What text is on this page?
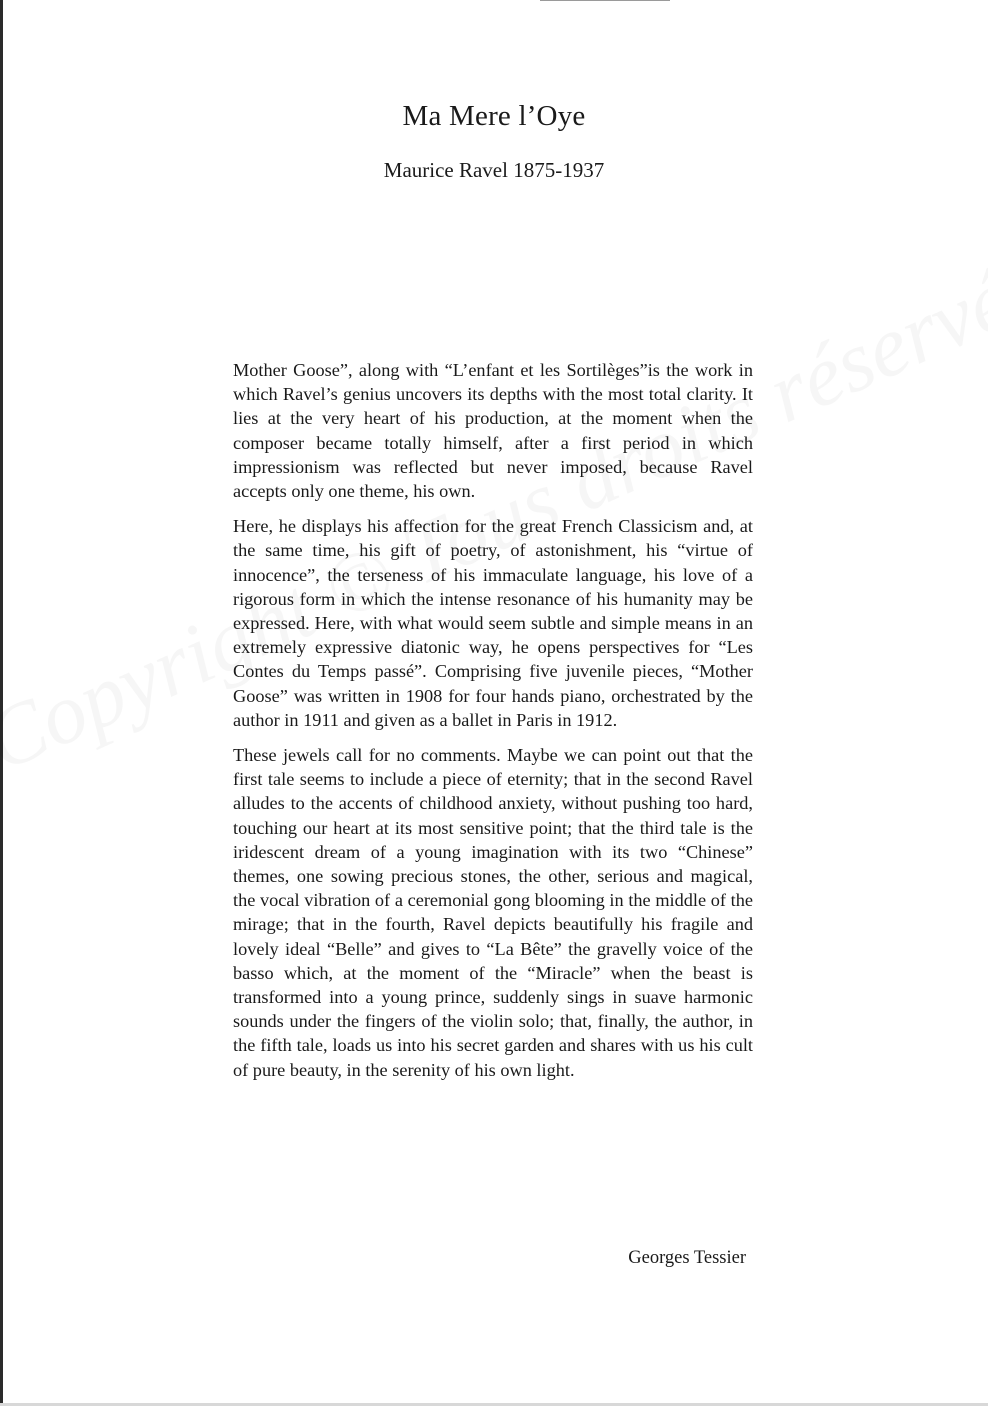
Ma Mere l’Oye
Maurice Ravel 1875-1937

Mother Goose”, along with “L’enfant et les Sortilèges”is the work in which Ravel’s genius uncovers its depths with the most total clarity. It lies at the very heart of his production, at the moment when the composer became totally himself, after a first period in which impressionism was reflected but never imposed, because Ravel accepts only one theme, his own.

Here, he displays his affection for the great French Classicism and, at the same time, his gift of poetry, of astonishment, his “virtue of innocence”, the terseness of his immaculate language, his love of a rigorous form in which the intense resonance of his humanity may be expressed. Here, with what would seem subtle and simple means in an extremely expressive diatonic way, he opens perspectives for “Les Contes du Temps passé”. Comprising five juvenile pieces, “Mother Goose” was written in 1908 for four hands piano, orchestrated by the author in 1911 and given as a ballet in Paris in 1912.

These jewels call for no comments. Maybe we can point out that the first tale seems to include a piece of eternity; that in the second Ravel alludes to the accents of childhood anxiety, without pushing too hard, touching our heart at its most sensitive point; that the third tale is the iridescent dream of a young imagination with its two “Chinese” themes, one sowing precious stones, the other, serious and magical, the vocal vibration of a ceremonial gong blooming in the middle of the mirage; that in the fourth, Ravel depicts beautifully his fragile and lovely ideal “Belle” and gives to “La Bête” the gravelly voice of the basso which, at the moment of the “Miracle” when the beast is transformed into a young prince, suddenly sings in suave harmonic sounds under the fingers of the violin solo; that, finally, the author, in the fifth tale, loads us into his secret garden and shares with us his cult of pure beauty, in the serenity of his own light.

Georges Tessier
